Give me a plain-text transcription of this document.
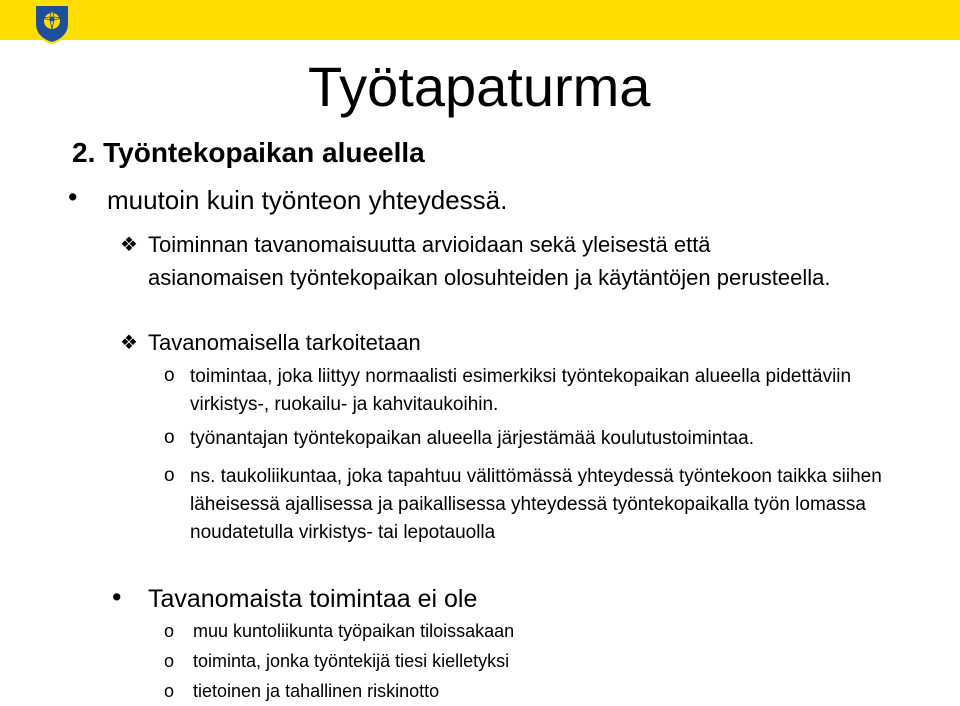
Työtapaturma
2. Työntekopaikan alueella
• muutoin kuin työnteon yhteydessä.
❖ Toiminnan tavanomaisuutta arvioidaan sekä yleisestä että asianomaisen työntekopaikan olosuhteiden ja käytäntöjen perusteella.
❖ Tavanomaisella tarkoitetaan
o toimintaa, joka liittyy normaalisti esimerkiksi työntekopaikan alueella pidettäviin virkistys-, ruokailu- ja kahvitaukoihin.
o työnantajan työntekopaikan alueella järjestämää koulutustoimintaa.
o ns. taukoliikuntaa, joka tapahtuu välittömässä yhteydessä työntekoon taikka siihen läheisessä ajallisessa ja paikallisessa yhteydessä työntekopaikalla työn lomassa noudatetulla virkistys- tai lepotauolla
• Tavanomaista toimintaa ei ole
o muu kuntoliikunta työpaikan tiloissakaan
o toiminta, jonka työntekijä tiesi kielletyksi
o tietoinen ja tahallinen riskinotto
